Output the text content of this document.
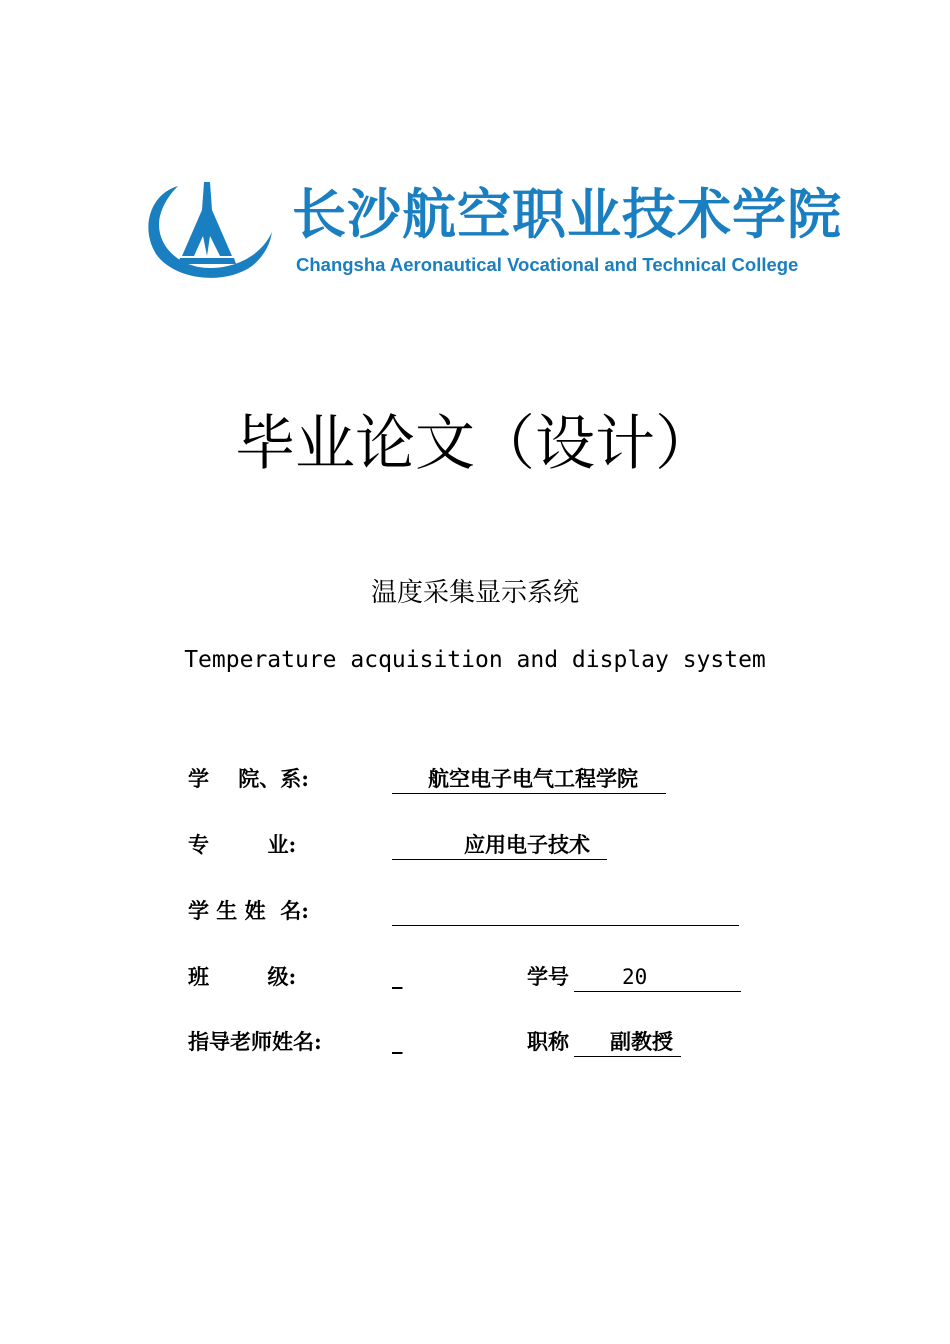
长沙航空职业技术学院
Changsha Aeronautical Vocational and Technical College
毕业论文（设计）
温度采集显示系统
Temperature acquisition and display system
学    院、系:	航空电子电气工程学院
专        业:	应用电子技术
学 生 姓  名:
班        级:	_	学号	20
指导老师姓名:	_	职称 副教授
